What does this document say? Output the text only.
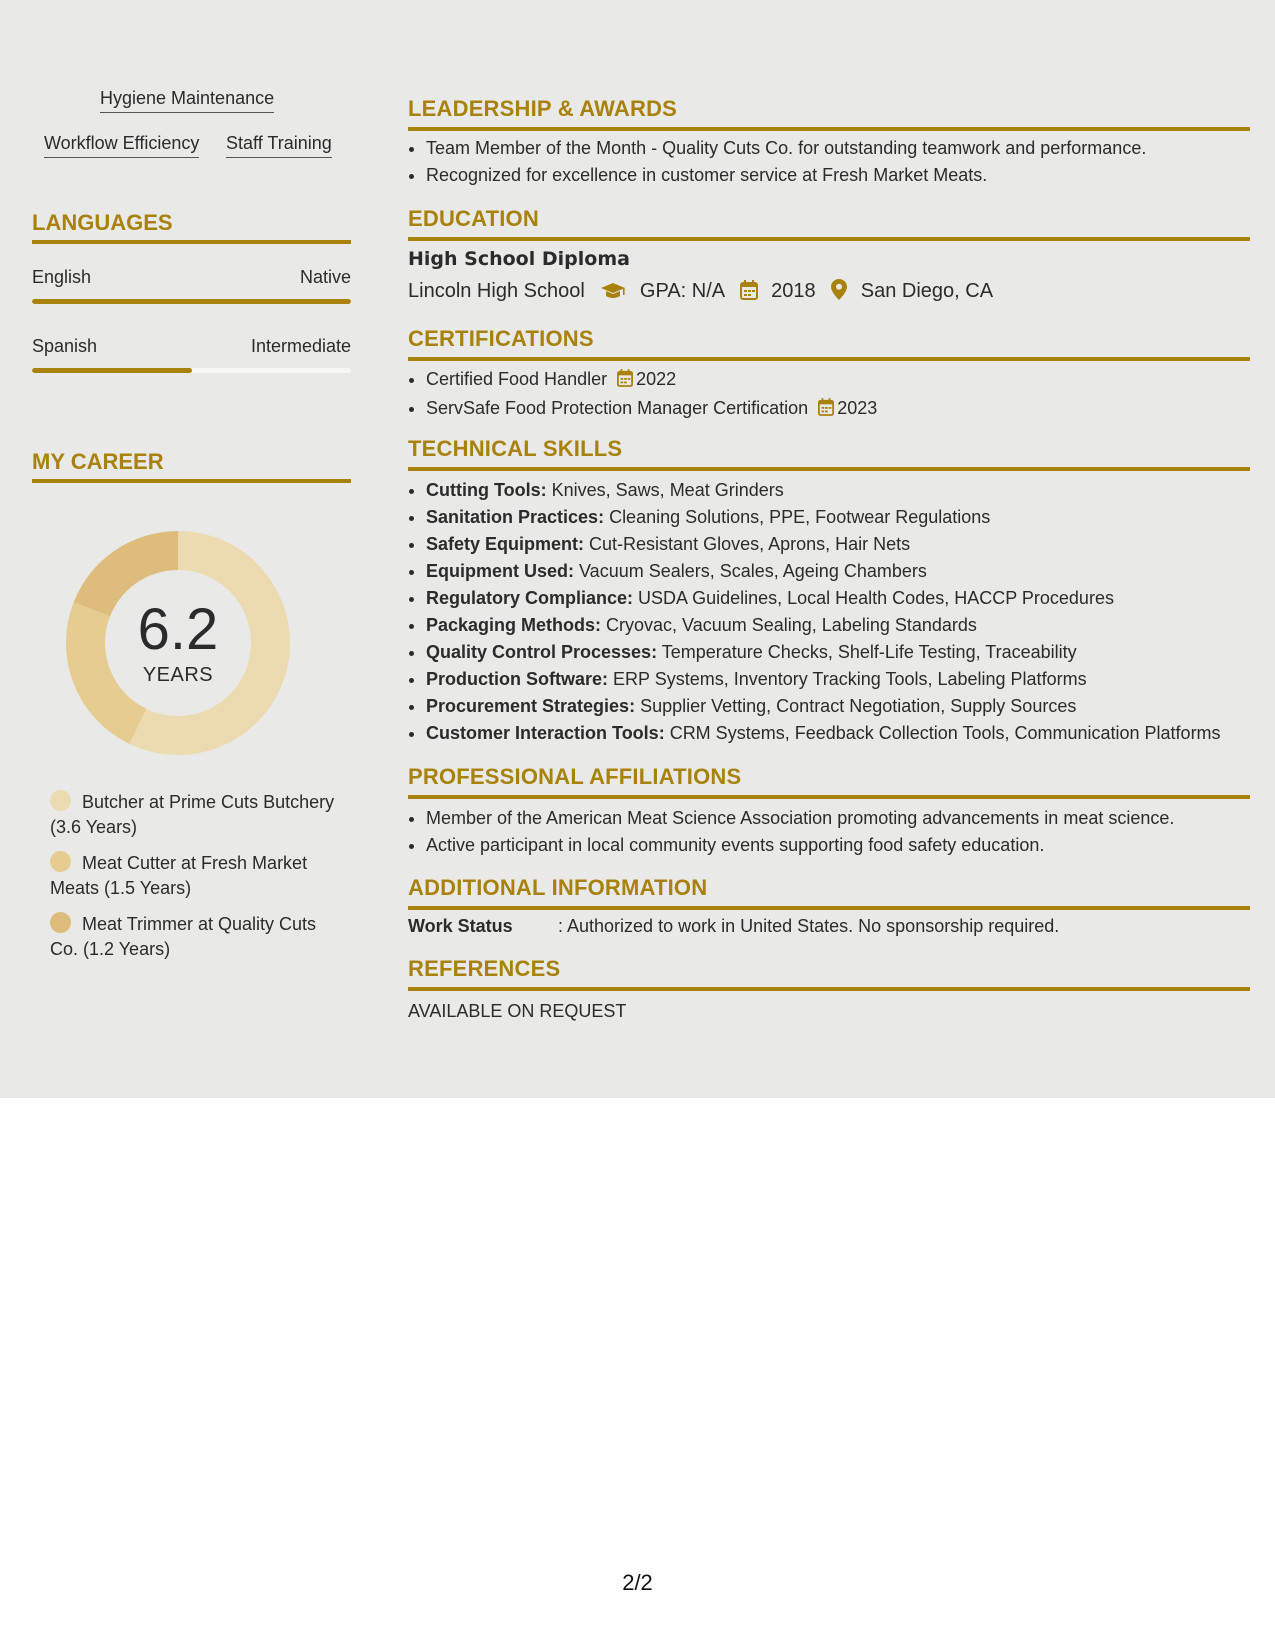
Hygiene Maintenance
Workflow Efficiency Staff Training
LANGUAGES
English	Native
Spanish	Intermediate
MY CAREER
6.2
YEARS
Butcher at Prime Cuts Butchery (3.6 Years)
Meat Cutter at Fresh Market Meats (1.5 Years)
Meat Trimmer at Quality Cuts Co. (1.2 Years)
LEADERSHIP & AWARDS
• Team Member of the Month - Quality Cuts Co. for outstanding teamwork and performance.
• Recognized for excellence in customer service at Fresh Market Meats.
EDUCATION
High School Diploma
Lincoln High School	GPA: N/A 2018 San Diego, CA
CERTIFICATIONS
• Certified Food Handler 2022
• ServSafe Food Protection Manager Certification 2023
TECHNICAL SKILLS
• Cutting Tools: Knives, Saws, Meat Grinders
• Sanitation Practices: Cleaning Solutions, PPE, Footwear Regulations
• Safety Equipment: Cut-Resistant Gloves, Aprons, Hair Nets
• Equipment Used: Vacuum Sealers, Scales, Ageing Chambers
• Regulatory Compliance: USDA Guidelines, Local Health Codes, HACCP Procedures
• Packaging Methods: Cryovac, Vacuum Sealing, Labeling Standards
• Quality Control Processes: Temperature Checks, Shelf-Life Testing, Traceability
• Production Software: ERP Systems, Inventory Tracking Tools, Labeling Platforms
• Procurement Strategies: Supplier Vetting, Contract Negotiation, Supply Sources
• Customer Interaction Tools: CRM Systems, Feedback Collection Tools, Communication Platforms
PROFESSIONAL AFFILIATIONS
• Member of the American Meat Science Association promoting advancements in meat science.
• Active participant in local community events supporting food safety education.
ADDITIONAL INFORMATION
Work Status	: Authorized to work in United States. No sponsorship required.
REFERENCES
AVAILABLE ON REQUEST
2/2
